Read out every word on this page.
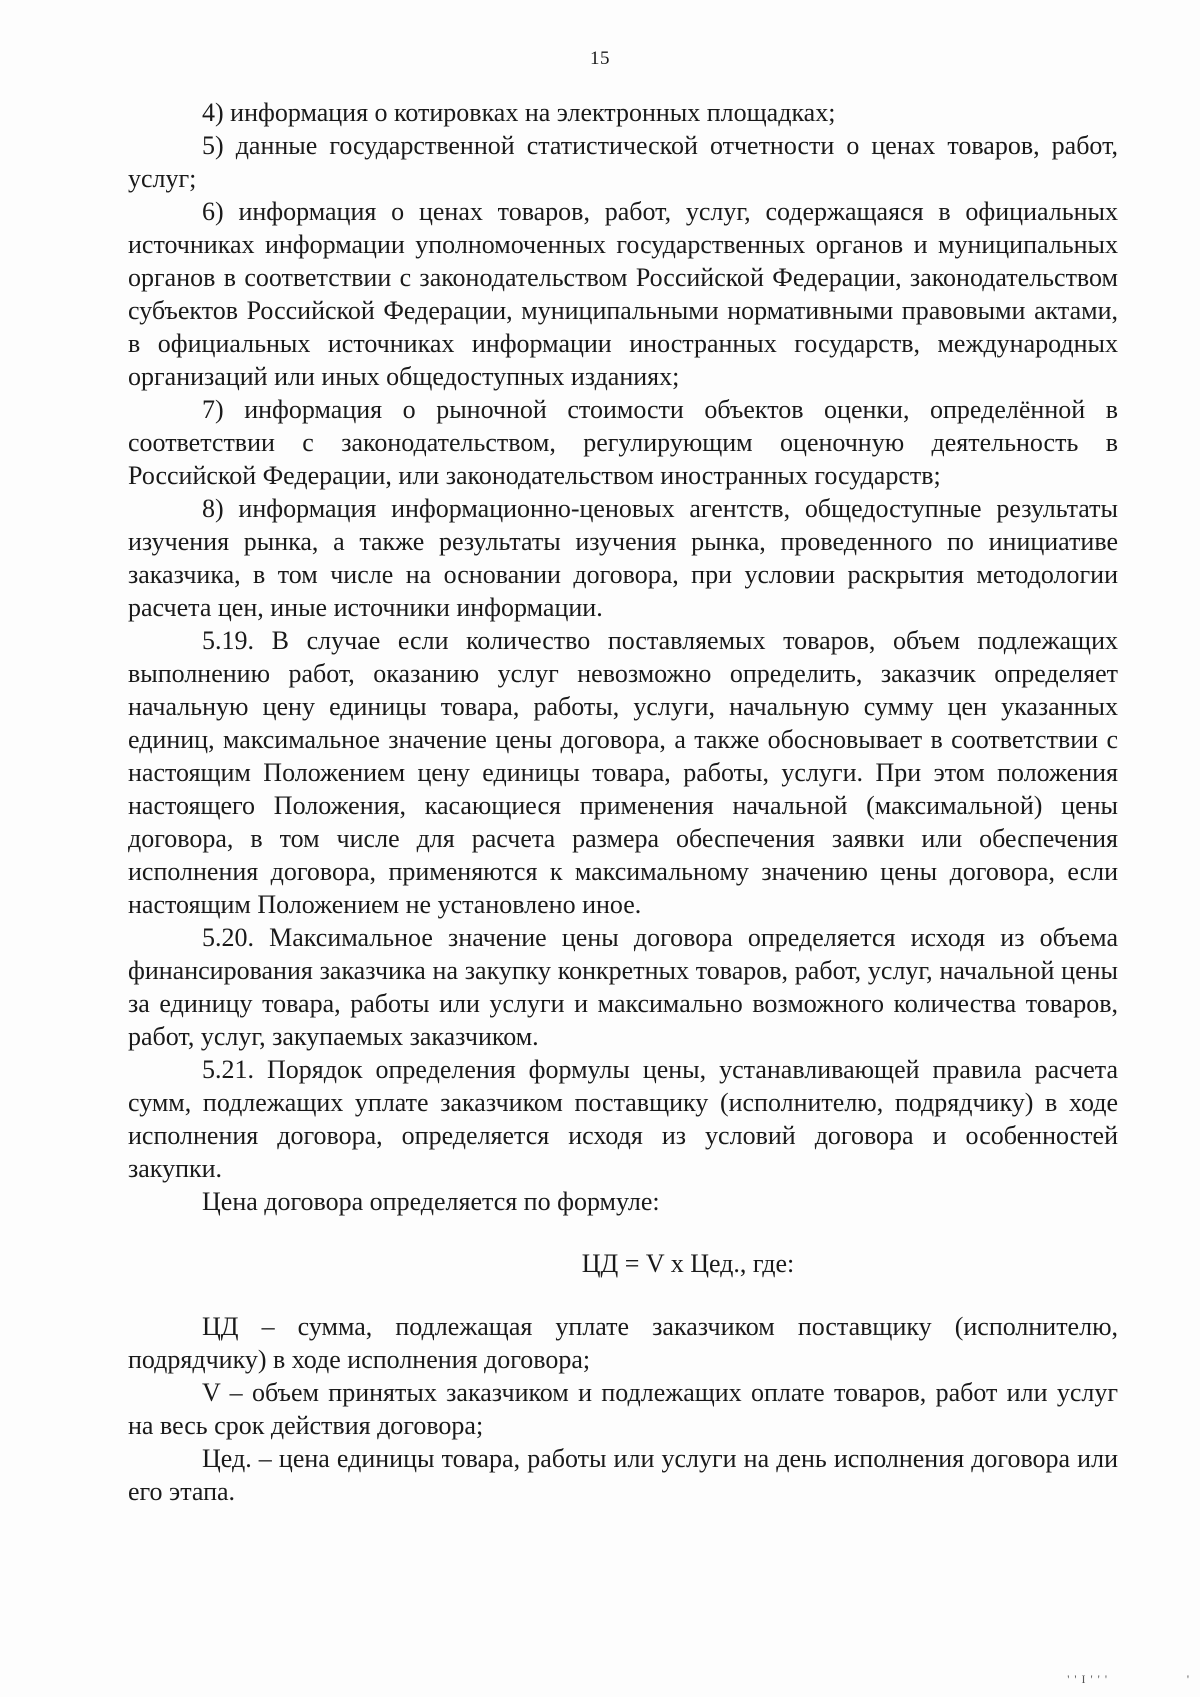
15

4) информация о котировках на электронных площадках;

5) данные государственной статистической отчетности о ценах товаров, работ, услуг;

6) информация о ценах товаров, работ, услуг, содержащаяся в официальных источниках информации уполномоченных государственных органов и муниципальных органов в соответствии с законодательством Российской Федерации, законодательством субъектов Российской Федерации, муниципальными нормативными правовыми актами, в официальных источниках информации иностранных государств, международных организаций или иных общедоступных изданиях;

7) информация о рыночной стоимости объектов оценки, определённой в соответствии с законодательством, регулирующим оценочную деятельность в Российской Федерации, или законодательством иностранных государств;

8) информация информационно-ценовых агентств, общедоступные результаты изучения рынка, а также результаты изучения рынка, проведенного по инициативе заказчика, в том числе на основании договора, при условии раскрытия методологии расчета цен, иные источники информации.

5.19. В случае если количество поставляемых товаров, объем подлежащих выполнению работ, оказанию услуг невозможно определить, заказчик определяет начальную цену единицы товара, работы, услуги, начальную сумму цен указанных единиц, максимальное значение цены договора, а также обосновывает в соответствии с настоящим Положением цену единицы товара, работы, услуги. При этом положения настоящего Положения, касающиеся применения начальной (максимальной) цены договора, в том числе для расчета размера обеспечения заявки или обеспечения исполнения договора, применяются к максимальному значению цены договора, если настоящим Положением не установлено иное.

5.20. Максимальное значение цены договора определяется исходя из объема финансирования заказчика на закупку конкретных товаров, работ, услуг, начальной цены за единицу товара, работы или услуги и максимально возможного количества товаров, работ, услуг, закупаемых заказчиком.

5.21. Порядок определения формулы цены, устанавливающей правила расчета сумм, подлежащих уплате заказчиком поставщику (исполнителю, подрядчику) в ходе исполнения договора, определяется исходя из условий договора и особенностей закупки.

Цена договора определяется по формуле:

ЦД = V x Цед., где:

ЦД – сумма, подлежащая уплате заказчиком поставщику (исполнителю, подрядчику) в ходе исполнения договора;

V – объем принятых заказчиком и подлежащих оплате товаров, работ или услуг на весь срок действия договора;

Цед. – цена единицы товара, работы или услуги на день исполнения договора или его этапа.

' ' I ' ' '	'
